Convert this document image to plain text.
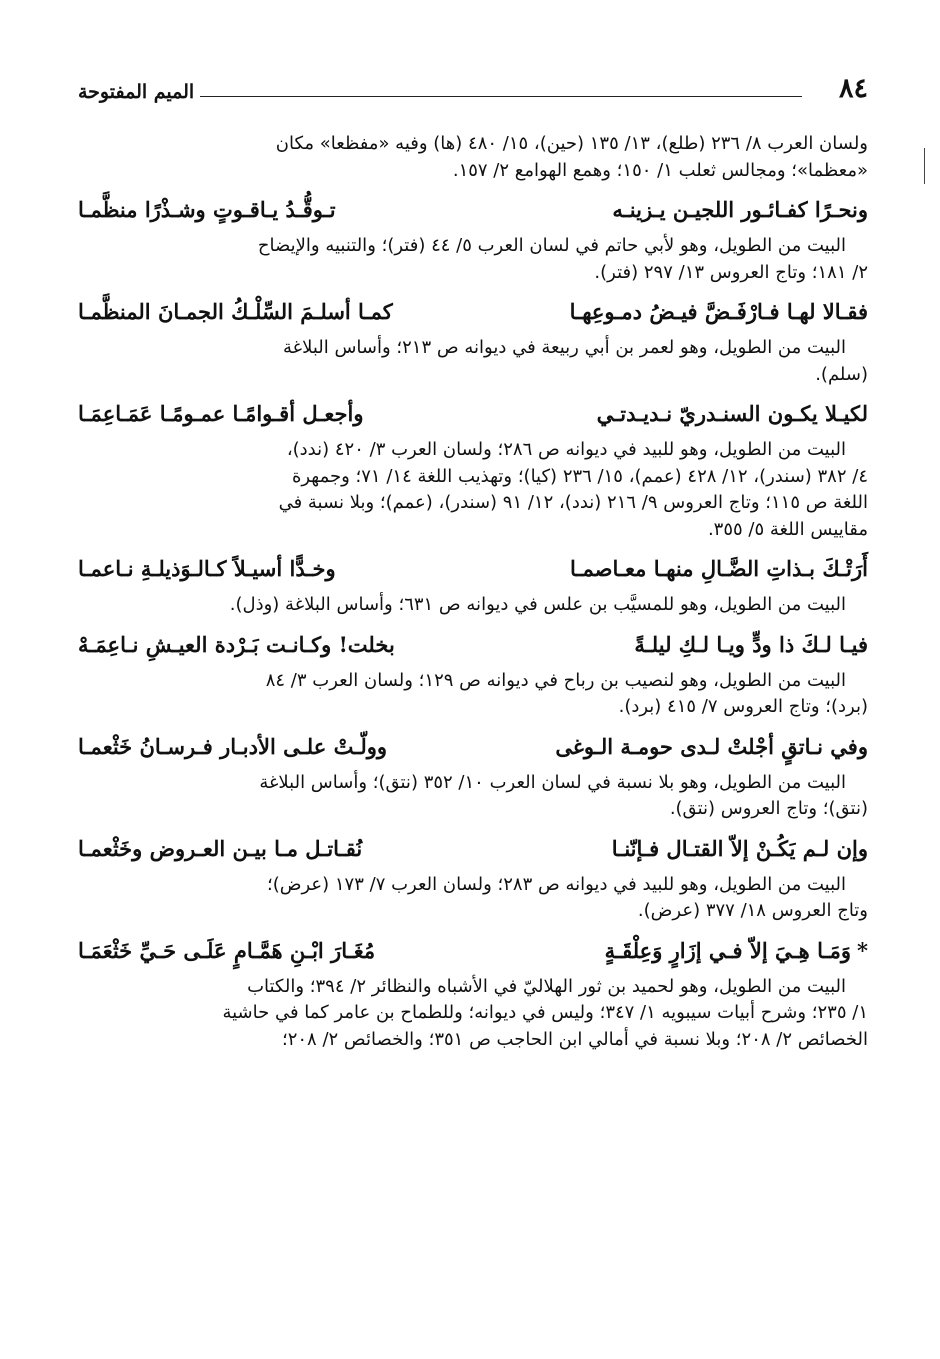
٨٤
الميم المفتوحة
ولسان العرب ٨/ ٢٣٦ (طلع)، ١٣/ ١٣٥ (حين)، ١٥/ ٤٨٠ (ها) وفيه «مفظعا» مكان
«معظما»؛ ومجالس ثعلب ١/ ١٥٠؛ وهمع الهوامع ٢/ ١٥٧.
ونحـرًا كفـائـور اللجيـن يـزينـه
تـوقُّـدُ يـاقـوتٍ وشـذْرًا منظَّمـا
البيت من الطويل، وهو لأبي حاتم في لسان العرب ٥/ ٤٤ (فتر)؛ والتنبيه والإيضاح
٢/ ١٨١؛ وتاج العروس ١٣/ ٢٩٧ (فتر).
فقـالا لهـا فـارْفَـضَّ فيـضُ دمـوعِهـا
كمـا أسلـمَ السِّلْـكُ الجمـانَ المنظَّمـا
البيت من الطويل، وهو لعمر بن أبي ربيعة في ديوانه ص ٢١٣؛ وأساس البلاغة
(سلم).
لكيـلا يكـون السنـدريّ نـديـدتـي
وأجعـل أقـوامًـا عمـومًـا عَمَـاعِمَـا
البيت من الطويل، وهو للبيد في ديوانه ص ٢٨٦؛ ولسان العرب ٣/ ٤٢٠ (ندد)،
٤/ ٣٨٢ (سندر)، ١٢/ ٤٢٨ (عمم)، ١٥/ ٢٣٦ (كيا)؛ وتهذيب اللغة ١٤/ ٧١؛ وجمهرة
اللغة ص ١١٥؛ وتاج العروس ٩/ ٢١٦ (ندد)، ١٢/ ٩١ (سندر)، (عمم)؛ وبلا نسبة في
مقاييس اللغة ٥/ ٣٥٥.
أَرَتْـكَ بـذاتِ الضَّـالِ منهـا معـاصمـا
وخـدًّا أسيـلاً كـالـوَذيلـةِ نـاعمـا
البيت من الطويل، وهو للمسيَّب بن علس في ديوانه ص ٦٣١؛ وأساس البلاغة (وذل).
فيـا لـكَ ذا ودٍّ ويـا لـكِ ليلـةً
بخلت! وكـانـت بَـرْدة العيـشِ نـاعِمَـهْ
البيت من الطويل، وهو لنصيب بن رباح في ديوانه ص ١٢٩؛ ولسان العرب ٣/ ٨٤
(برد)؛ وتاج العروس ٧/ ٤١٥ (برد).
وفي نـاتقٍ أجْلتْ لـدى حومـة الـوغى
وولّـتْ علـى الأدبـار فـرسـانُ خَثْعمـا
البيت من الطويل، وهو بلا نسبة في لسان العرب ١٠/ ٣٥٢ (نتق)؛ وأساس البلاغة
(نتق)؛ وتاج العروس (نتق).
وإن لـم يَكُـنْ إلاّ القتـال فـإنّنـا
نُقـاتـل مـا بيـن العـروض وخَثْعمـا
البيت من الطويل، وهو للبيد في ديوانه ص ٢٨٣؛ ولسان العرب ٧/ ١٧٣ (عرض)؛
وتاج العروس ١٨/ ٣٧٧ (عرض).
*وَمَـا هِـيَ إلاّ فـي إزَارٍ وَعِلْقَـةٍ
مُغَـارَ ابْـنِ هَمَّـامٍ عَلَـى حَـيِّ خَثْعَمَـا
البيت من الطويل، وهو لحميد بن ثور الهلاليّ في الأشباه والنظائر ٢/ ٣٩٤؛ والكتاب
١/ ٢٣٥؛ وشرح أبيات سيبويه ١/ ٣٤٧؛ وليس في ديوانه؛ وللطماح بن عامر كما في حاشية
الخصائص ٢/ ٢٠٨؛ وبلا نسبة في أمالي ابن الحاجب ص ٣٥١؛ والخصائص ٢/ ٢٠٨؛
